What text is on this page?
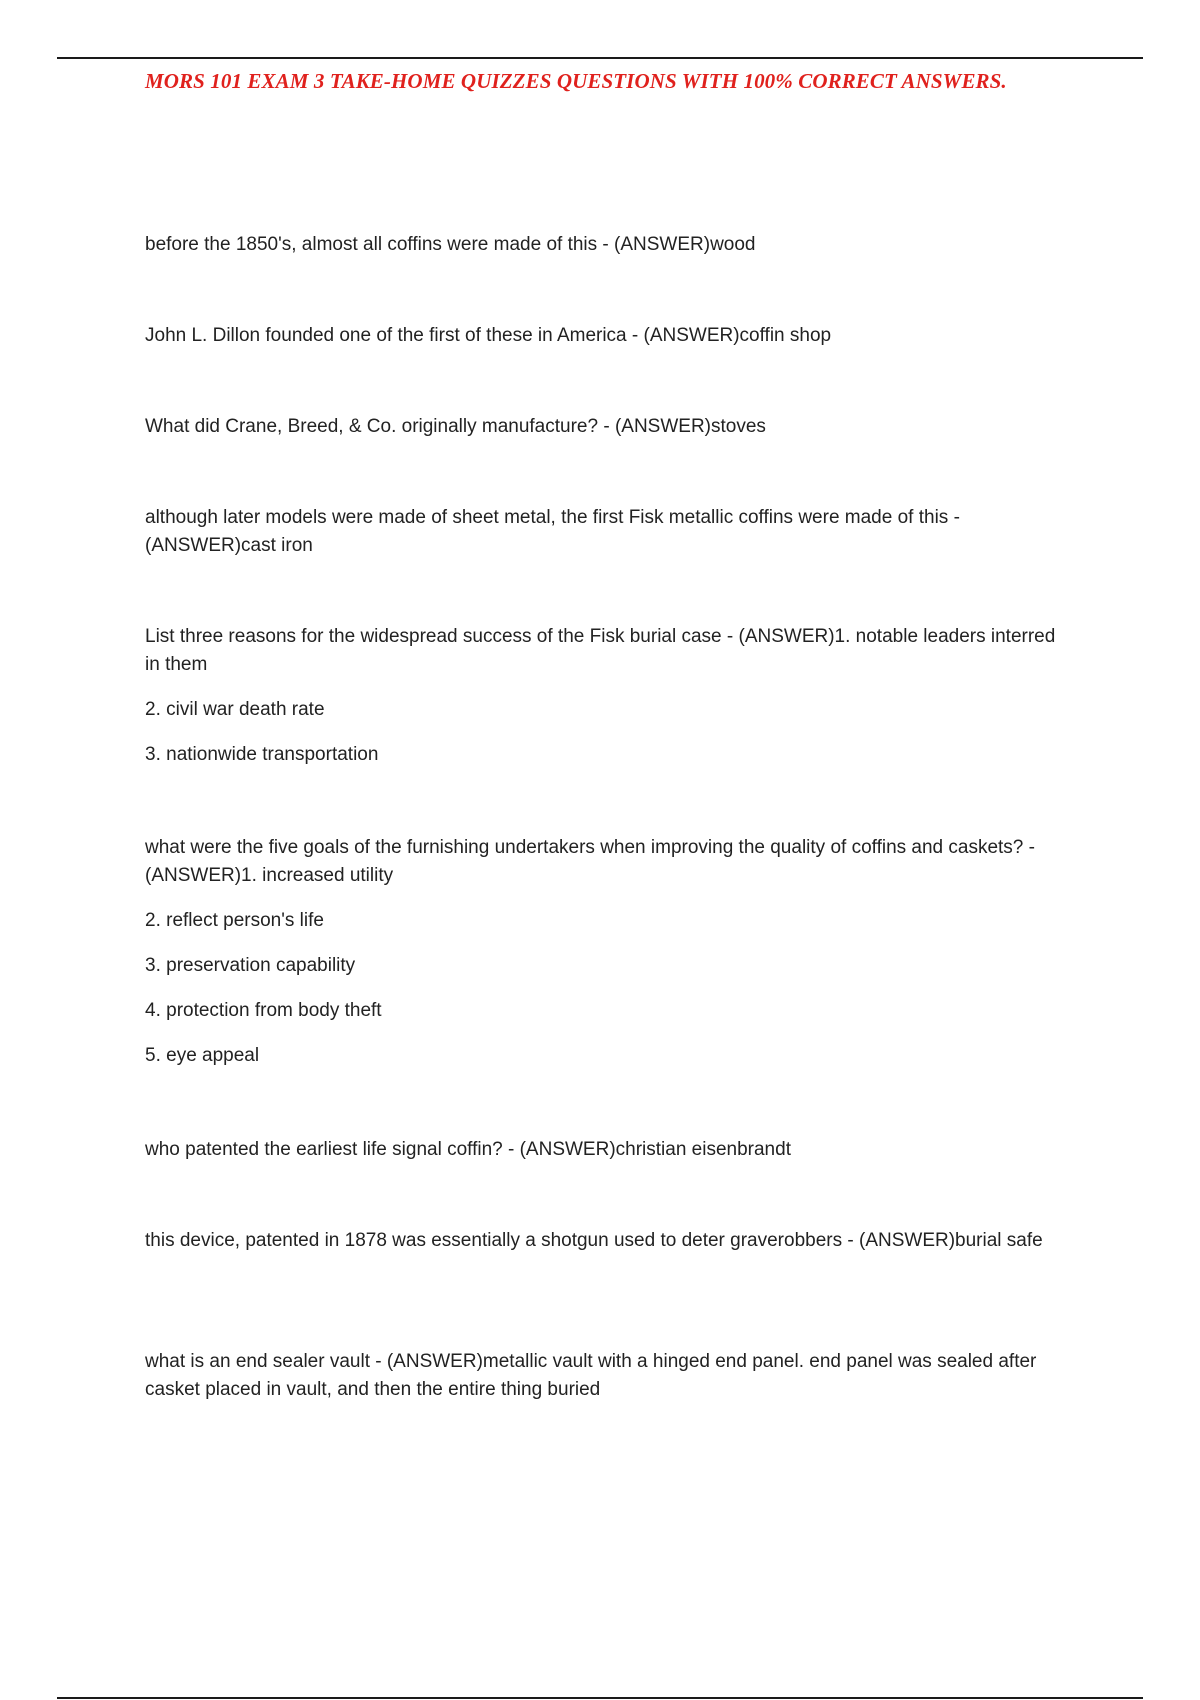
MORS 101 EXAM 3 TAKE-HOME QUIZZES QUESTIONS WITH 100% CORRECT ANSWERS.

before the 1850's, almost all coffins were made of this - (ANSWER)wood

John L. Dillon founded one of the first of these in America - (ANSWER)coffin shop

What did Crane, Breed, & Co. originally manufacture? - (ANSWER)stoves

although later models were made of sheet metal, the first Fisk metallic coffins were made of this - (ANSWER)cast iron

List three reasons for the widespread success of the Fisk burial case - (ANSWER)1. notable leaders interred in them

2. civil war death rate
3. nationwide transportation

what were the five goals of the furnishing undertakers when improving the quality of coffins and caskets? - (ANSWER)1. increased utility

2. reflect person's life
3. preservation capability
4. protection from body theft
5. eye appeal

who patented the earliest life signal coffin? - (ANSWER)christian eisenbrandt

this device, patented in 1878 was essentially a shotgun used to deter graverobbers - (ANSWER)burial safe

what is an end sealer vault - (ANSWER)metallic vault with a hinged end panel. end panel was sealed after casket placed in vault, and then the entire thing buried
